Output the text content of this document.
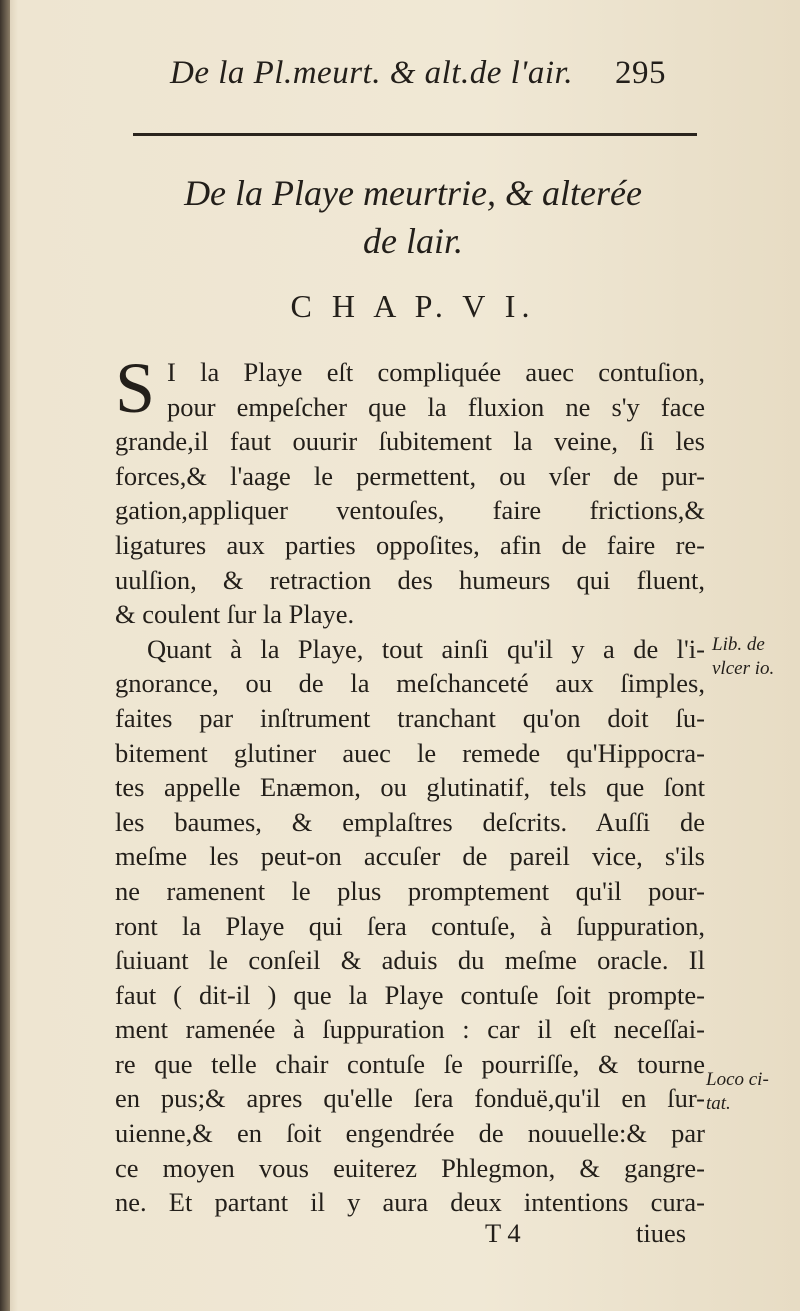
De la Pl.meurt. & alt.de l'air. 295
De la Playe meurtrie, & alterée
de lair.
C H A P. V I.
S I la Playe eſt compliquée auec contuſion,
pour empeſcher que la fluxion ne s'y face
grande,il faut ouurir ſubitement la veine, ſi les
forces,& l'aage le permettent, ou vſer de pur-
gation,appliquer ventouſes, faire frictions,&
ligatures aux parties oppoſites, afin de faire re-
uulſion, & retraction des humeurs qui fluent,
& coulent ſur la Playe.
Quant à la Playe, tout ainſi qu'il y a de l'i-
gnorance, ou de la meſchanceté aux ſimples,
faites par inſtrument tranchant qu'on doit ſu-
bitement glutiner auec le remede qu'Hippocra-
tes appelle Enæmon, ou glutinatif, tels que ſont
les baumes, & emplaſtres deſcrits. Auſſi de
meſme les peut-on accuſer de pareil vice, s'ils
ne ramenent le plus promptement qu'il pour-
ront la Playe qui ſera contuſe, à ſuppuration,
ſuiuant le conſeil & aduis du meſme oracle. Il
faut ( dit-il ) que la Playe contuſe ſoit prompte-
ment ramenée à ſuppuration : car il eſt neceſſai-
re que telle chair contuſe ſe pourriſſe, & tourne
en pus;& apres qu'elle ſera fonduë,qu'il en ſur-
uienne,& en ſoit engendrée de nouuelle:& par
ce moyen vous euiterez Phlegmon, & gangre-
ne. Et partant il y aura deux intentions cura-
Lib. de
vlcer io.
Loco ci-
tat.
T 4	tiues
